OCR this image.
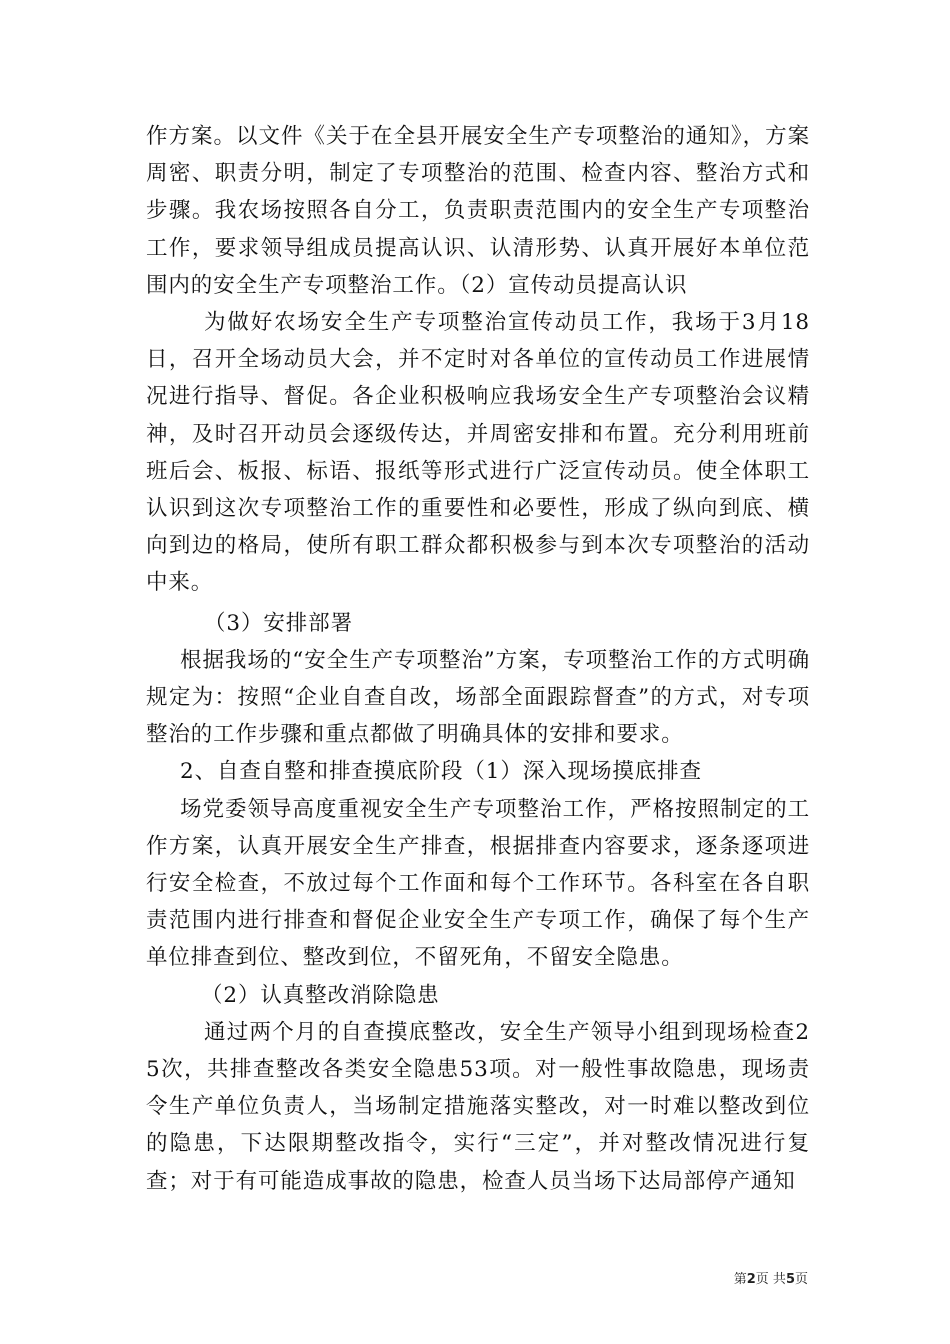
作方案。以文件《关于在全县开展安全生产专项整治的通知》，方案周密、职责分明，制定了专项整治的范围、检查内容、整治方式和步骤。我农场按照各自分工，负责职责范围内的安全生产专项整治工作，要求领导组成员提高认识、认清形势、认真开展好本单位范围内的安全生产专项整治工作。（2）宣传动员提高认识

为做好农场安全生产专项整治宣传动员工作，我场于3月18日，召开全场动员大会，并不定时对各单位的宣传动员工作进展情况进行指导、督促。各企业积极响应我场安全生产专项整治会议精神，及时召开动员会逐级传达，并周密安排和布置。充分利用班前班后会、板报、标语、报纸等形式进行广泛宣传动员。使全体职工认识到这次专项整治工作的重要性和必要性，形成了纵向到底、横向到边的格局，使所有职工群众都积极参与到本次专项整治的活动中来。

（3）安排部署

根据我场的“安全生产专项整治”方案，专项整治工作的方式明确规定为：按照“企业自查自改，场部全面跟踪督查”的方式，对专项整治的工作步骤和重点都做了明确具体的安排和要求。

2、自查自整和排查摸底阶段（1）深入现场摸底排查

场党委领导高度重视安全生产专项整治工作，严格按照制定的工作方案，认真开展安全生产排查，根据排查内容要求，逐条逐项进行安全检查，不放过每个工作面和每个工作环节。各科室在各自职责范围内进行排查和督促企业安全生产专项工作，确保了每个生产单位排查到位、整改到位，不留死角，不留安全隐患。

（2）认真整改消除隐患

通过两个月的自查摸底整改，安全生产领导小组到现场检查25次，共排查整改各类安全隐患53项。对一般性事故隐患，现场责令生产单位负责人，当场制定措施落实整改，对一时难以整改到位的隐患，下达限期整改指令，实行“三定”，并对整改情况进行复查；对于有可能造成事故的隐患，检查人员当场下达局部停产通知

第2页 共5页
